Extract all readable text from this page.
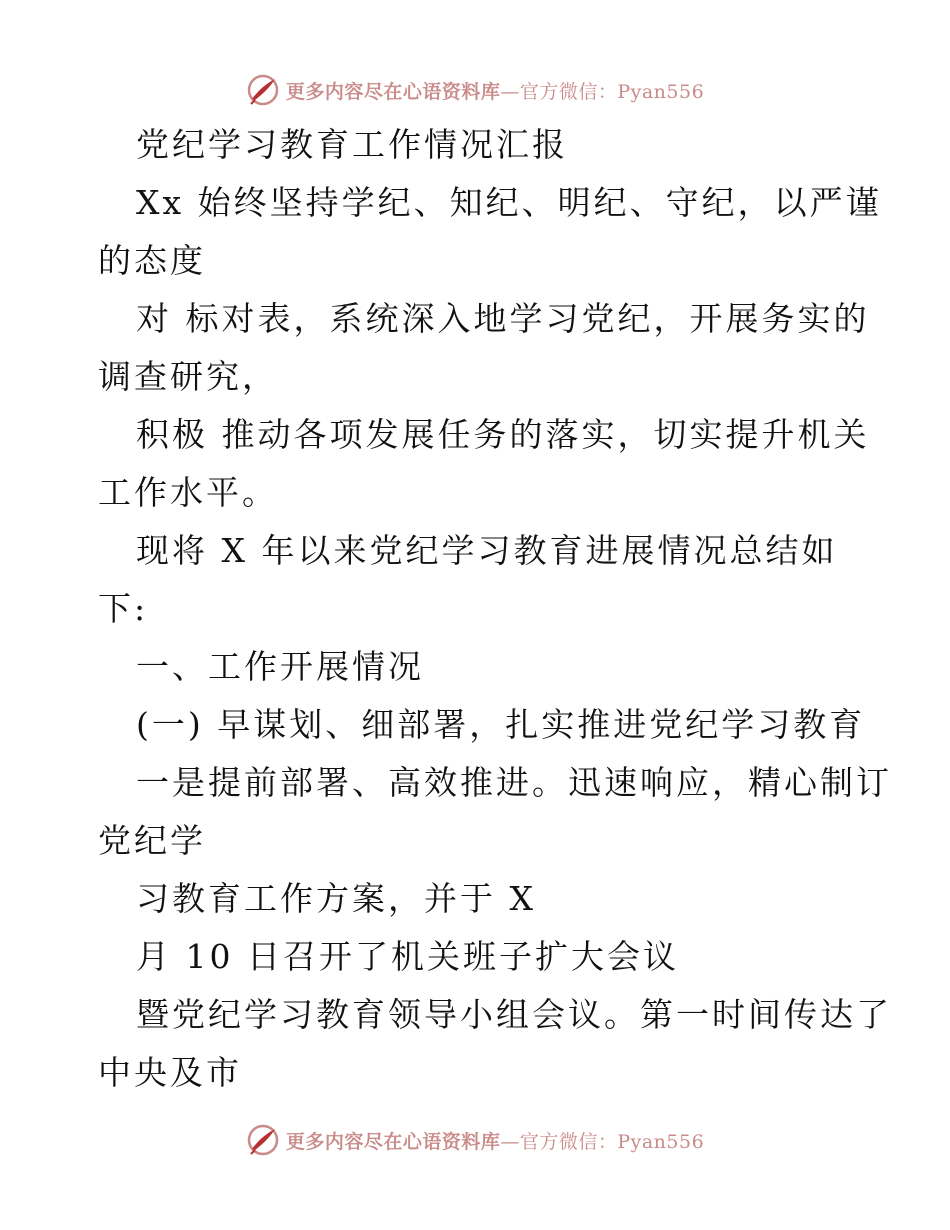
更多内容尽在心语资料库—官方微信：Pyan556
党纪学习教育工作情况汇报
Xx 始终坚持学纪、知纪、明纪、守纪，以严谨
的态度
对 标对表，系统深入地学习党纪，开展务实的
调查研究，
积极 推动各项发展任务的落实，切实提升机关
工作水平。
现将 X 年以来党纪学习教育进展情况总结如
下:
一、工作开展情况
(一) 早谋划、细部署，扎实推进党纪学习教育
一是提前部署、高效推进。迅速响应，精心制订
党纪学
习教育工作方案，并于 X
月 10 日召开了机关班子扩大会议
暨党纪学习教育领导小组会议。第一时间传达了
中央及市
更多内容尽在心语资料库—官方微信：Pyan556
